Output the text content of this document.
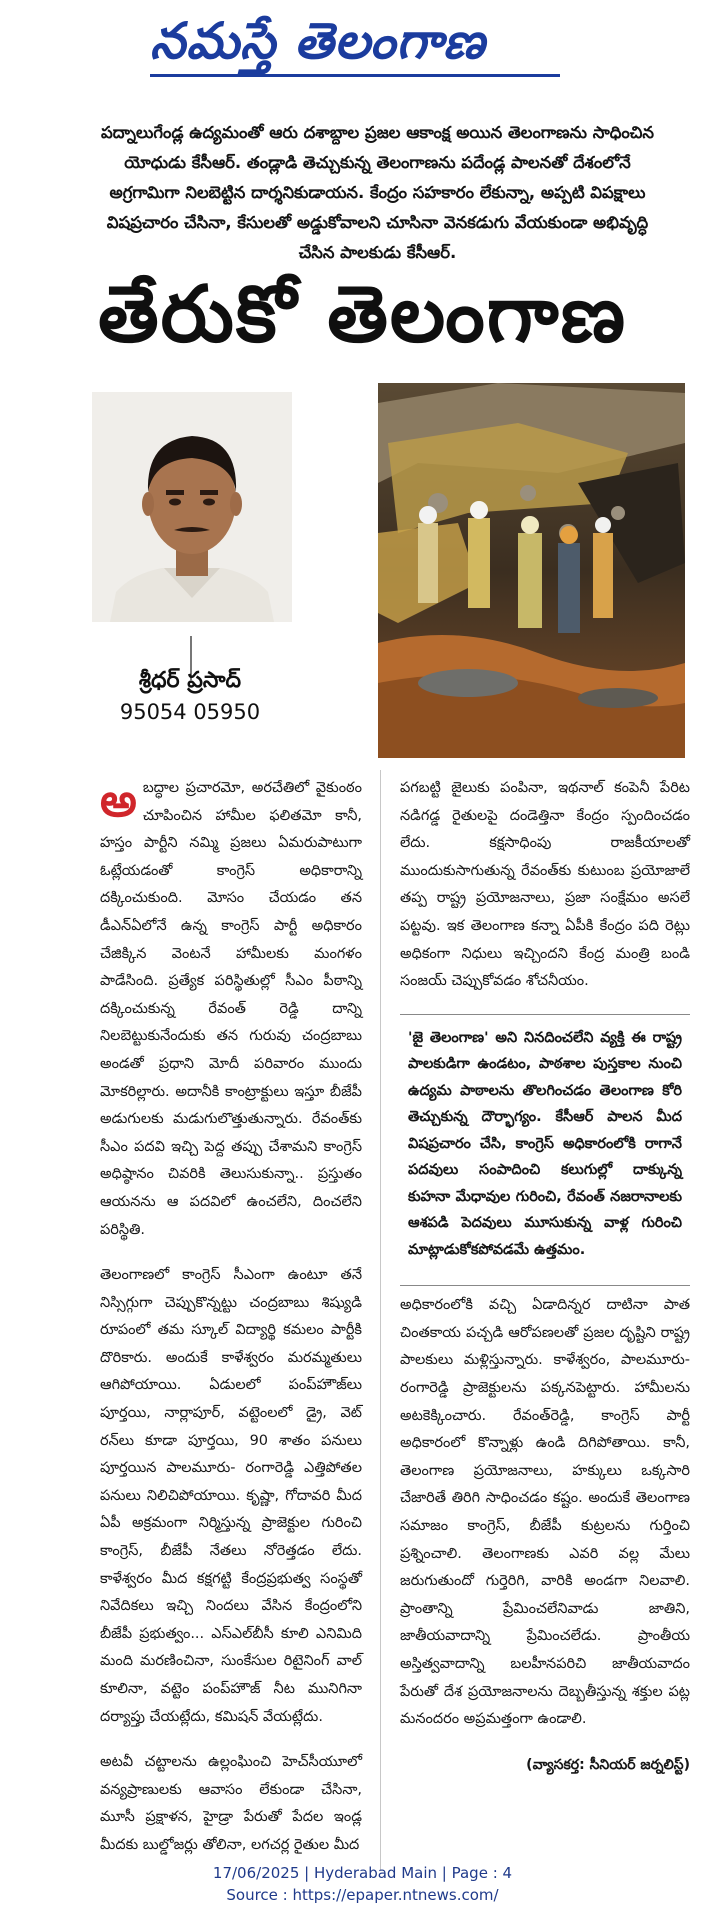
నమస్తే తెలంగాణ
పద్నాలుగేండ్ల ఉద్యమంతో ఆరు దశాబ్దాల ప్రజల ఆకాంక్ష అయిన తెలంగాణను సాధించిన యోధుడు కేసీఆర్. తండ్లాడి తెచ్చుకున్న తెలంగాణను పదేండ్ల పాలనతో దేశంలోనే అగ్రగామిగా నిలబెట్టిన దార్శనికుడాయన. కేంద్రం సహకారం లేకున్నా, అప్పటి విపక్షాలు విషప్రచారం చేసినా, కేసులతో అడ్డుకోవాలని చూసినా వెనకడుగు వేయకుండా అభివృద్ధి చేసిన పాలకుడు కేసీఆర్.
తేరుకో తెలంగాణ
శ్రీధర్ ప్రసాద్
95054 05950

అబద్ధాల ప్రచారమో, అరచేతిలో వైకుంఠం చూపించిన హామీల ఫలితమో కానీ, హస్తం పార్టీని నమ్మి ప్రజలు ఏమరుపాటుగా ఓట్లేయడంతో కాంగ్రెస్ అధికారాన్ని దక్కించుకుంది. మోసం చేయడం తన డీఎన్ఏలోనే ఉన్న కాంగ్రెస్ పార్టీ అధికారం చేజిక్కిన వెంటనే హామీలకు మంగళం పాడేసింది. ప్రత్యేక పరిస్థితుల్లో సీఎం పీఠాన్ని దక్కించుకున్న రేవంత్ రెడ్డి దాన్ని నిలబెట్టుకునేందుకు తన గురువు చంద్రబాబు అండతో ప్రధాని మోదీ పరివారం ముందు మోకరిల్లారు. అదానీకి కాంట్రాక్టులు ఇస్తూ బీజేపీ అడుగులకు మడుగులొత్తుతున్నారు. రేవంత్‌కు సీఎం పదవి ఇచ్చి పెద్ద తప్పు చేశామని కాంగ్రెస్ అధిష్ఠానం చివరికి తెలుసుకున్నా.. ప్రస్తుతం ఆయనను ఆ పదవిలో ఉంచలేని, దించలేని పరిస్థితి.

తెలంగాణలో కాంగ్రెస్ సీఎంగా ఉంటూ తనే నిస్సిగ్గుగా చెప్పుకొన్నట్టు చంద్రబాబు శిష్యుడి రూపంలో తమ స్కూల్ విద్యార్థి కమలం పార్టీకి దొరికారు. అందుకే కాళేశ్వరం మరమ్మతులు ఆగిపోయాయి. ఏడులలో పంప్‌హౌజ్‌లు పూర్తయి, నార్లాపూర్, వట్టెంలలో డ్రై, వెట్ రన్‌లు కూడా పూర్తయి, 90 శాతం పనులు పూర్తయిన పాలమూరు- రంగారెడ్డి ఎత్తిపోతల పనులు నిలిచిపోయాయి. కృష్ణా, గోదావరి మీద ఏపీ అక్రమంగా నిర్మిస్తున్న ప్రాజెక్టుల గురించి కాంగ్రెస్, బీజేపీ నేతలు నోరెత్తడం లేదు. కాళేశ్వరం మీద కక్షగట్టి కేంద్రప్రభుత్వ సంస్థతో నివేదికలు ఇచ్చి నిందలు వేసిన కేంద్రంలోని బీజేపీ ప్రభుత్వం... ఎస్ఎల్‌బీసీ కూలి ఎనిమిది మంది మరణించినా, సుంకేసుల రిటైనింగ్ వాల్ కూలినా, వట్టెం పంప్‌హౌజ్ నీట మునిగినా దర్యాప్తు చేయట్లేదు, కమిషన్ వేయట్లేదు.

అటవీ చట్టాలను ఉల్లంఘించి హెచ్‌సీయూలో వన్యప్రాణులకు ఆవాసం లేకుండా చేసినా, మూసీ ప్రక్షాళన, హైడ్రా పేరుతో పేదల ఇండ్ల మీదకు బుల్డోజర్లు తోలినా, లగచర్ల రైతుల మీద

పగబట్టి జైలుకు పంపినా, ఇథనాల్ కంపెనీ పేరిట నడిగడ్డ రైతులపై దండెత్తినా కేంద్రం స్పందించడం లేదు. కక్షసాధింపు రాజకీయాలతో ముందుకుసాగుతున్న రేవంత్‌కు కుటుంబ ప్రయోజాలే తప్ప రాష్ట్ర ప్రయోజనాలు, ప్రజా సంక్షేమం అసలే పట్టవు. ఇక తెలంగాణ కన్నా ఏపీకి కేంద్రం పది రెట్లు అధికంగా నిధులు ఇచ్చిందని కేంద్ర మంత్రి బండి సంజయ్ చెప్పుకోవడం శోచనీయం.

'జై తెలంగాణ' అని నినదించలేని వ్యక్తి ఈ రాష్ట్ర పాలకుడిగా ఉండటం, పాఠశాల పుస్తకాల నుంచి ఉద్యమ పాఠాలను తొలగించడం తెలంగాణ కోరి తెచ్చుకున్న దౌర్భాగ్యం. కేసీఆర్ పాలన మీద విషప్రచారం చేసి, కాంగ్రెస్ అధికారంలోకి రాగానే పదవులు సంపాదించి కలుగుల్లో దాక్కున్న కుహనా మేధావుల గురించి, రేవంత్ నజరానాలకు ఆశపడి పెదవులు మూసుకున్న వాళ్ల గురించి మాట్లాడుకోకపోవడమే ఉత్తమం.

అధికారంలోకి వచ్చి ఏడాదిన్నర దాటినా పాత చింతకాయ పచ్చడి ఆరోపణలతో ప్రజల దృష్టిని రాష్ట్ర పాలకులు మళ్లిస్తున్నారు. కాళేశ్వరం, పాలమూరు-రంగారెడ్డి ప్రాజెక్టులను పక్కనపెట్టారు. హామీలను అటకెక్కించారు. రేవంత్‌రెడ్డి, కాంగ్రెస్ పార్టీ అధికారంలో కొన్నాళ్లు ఉండి దిగిపోతాయి. కానీ, తెలంగాణ ప్రయోజనాలు, హక్కులు ఒక్కసారి చేజారితే తిరిగి సాధించడం కష్టం. అందుకే తెలంగాణ సమాజం కాంగ్రెస్, బీజేపీ కుట్రలను గుర్తించి ప్రశ్నించాలి. తెలంగాణకు ఎవరి వల్ల మేలు జరుగుతుందో గుర్తెరిగి, వారికి అండగా నిలవాలి. ప్రాంతాన్ని ప్రేమించలేనివాడు జాతిని, జాతీయవాదాన్ని ప్రేమించలేడు. ప్రాంతీయ అస్తిత్వవాదాన్ని బలహీనపరిచి జాతీయవాదం పేరుతో దేశ ప్రయోజనాలను దెబ్బతీస్తున్న శక్తుల పట్ల మనందరం అప్రమత్తంగా ఉండాలి.

(వ్యాసకర్త: సీనియర్ జర్నలిస్ట్)

17/06/2025 | Hyderabad Main | Page : 4
Source : https://epaper.ntnews.com/
